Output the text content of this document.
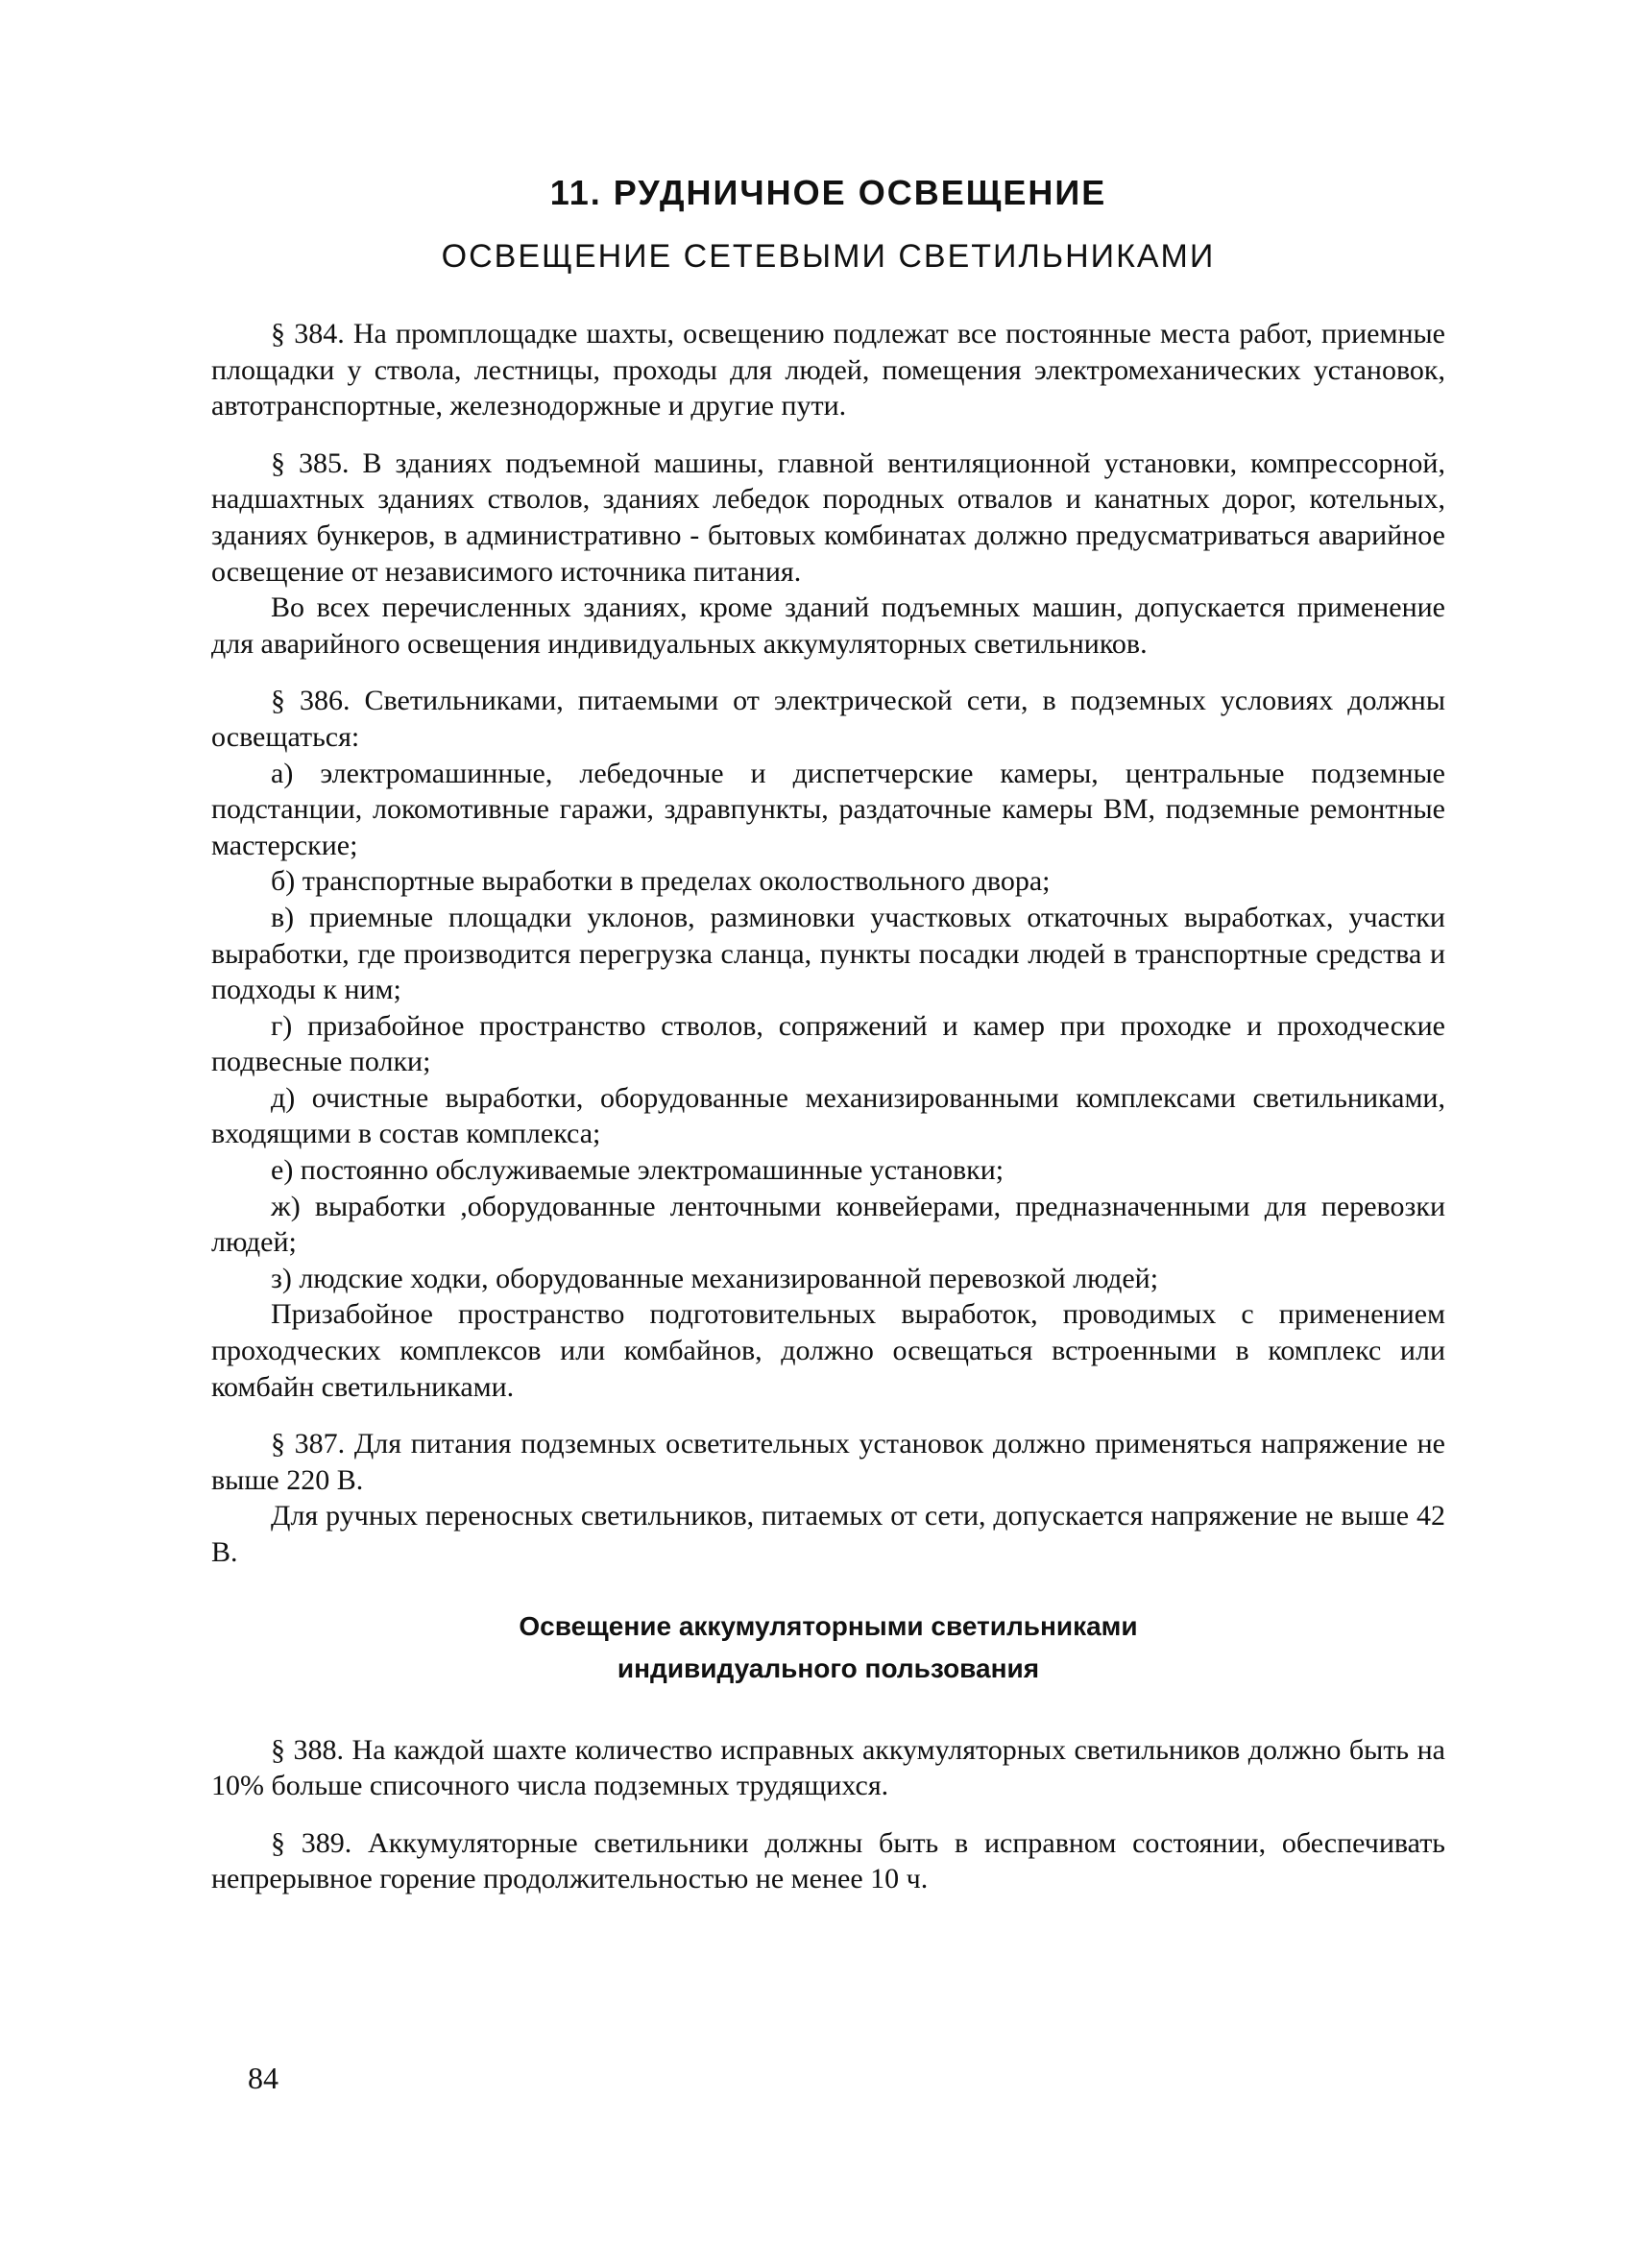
11. РУДНИЧНОЕ ОСВЕЩЕНИЕ
ОСВЕЩЕНИЕ СЕТЕВЫМИ СВЕТИЛЬНИКАМИ

§ 384. На промплощадке шахты, освещению подлежат все постоянные места работ, приемные площадки у ствола, лестницы, проходы для людей, помещения электромеханических установок, автотранспортные, железнодоржные и другие пути.

§ 385. В зданиях подъемной машины, главной вентиляционной установки, компрессорной, надшахтных зданиях стволов, зданиях лебедок породных отвалов и канатных дорог, котельных, зданиях бункеров, в административно - бытовых комбинатах должно предусматриваться аварийное освещение от независимого источника питания.

Во всех перечисленных зданиях, кроме зданий подъемных машин, допускается применение для аварийного освещения индивидуальных аккумуляторных светильников.

§ 386. Светильниками, питаемыми от электрической сети, в подземных условиях должны освещаться:

а) электромашинные, лебедочные и диспетчерские камеры, центральные подземные подстанции, локомотивные гаражи, здравпункты, раздаточные камеры ВМ, подземные ремонтные мастерские;

б) транспортные выработки в пределах околоствольного двора;

в) приемные площадки уклонов, разминовки участковых откаточных выработках, участки выработки, где производится перегрузка сланца, пункты посадки людей в транспортные средства и подходы к ним;

г) призабойное пространство стволов, сопряжений и камер при проходке и проходческие подвесные полки;

д) очистные выработки, оборудованные механизированными комплексами светильниками, входящими в состав комплекса;

е) постоянно обслуживаемые электромашинные установки;

ж) выработки ,оборудованные ленточными конвейерами, предназначенными для перевозки людей;

з) людские ходки, оборудованные механизированной перевозкой людей;

Призабойное пространство подготовительных выработок, проводимых с применением проходческих комплексов или комбайнов, должно освещаться встроенными в комплекс или комбайн светильниками.

§ 387. Для питания подземных осветительных установок должно применяться напряжение не выше 220 В.

Для ручных переносных светильников, питаемых от сети, допускается напряжение не выше 42 В.

Освещение аккумуляторными светильниками
индивидуального пользования

§ 388. На каждой шахте количество исправных аккумуляторных светильников должно быть на 10% больше списочного числа подземных трудящихся.

§ 389. Аккумуляторные светильники должны быть в исправном состоянии, обеспечивать непрерывное горение продолжительностью не менее 10 ч.

84
